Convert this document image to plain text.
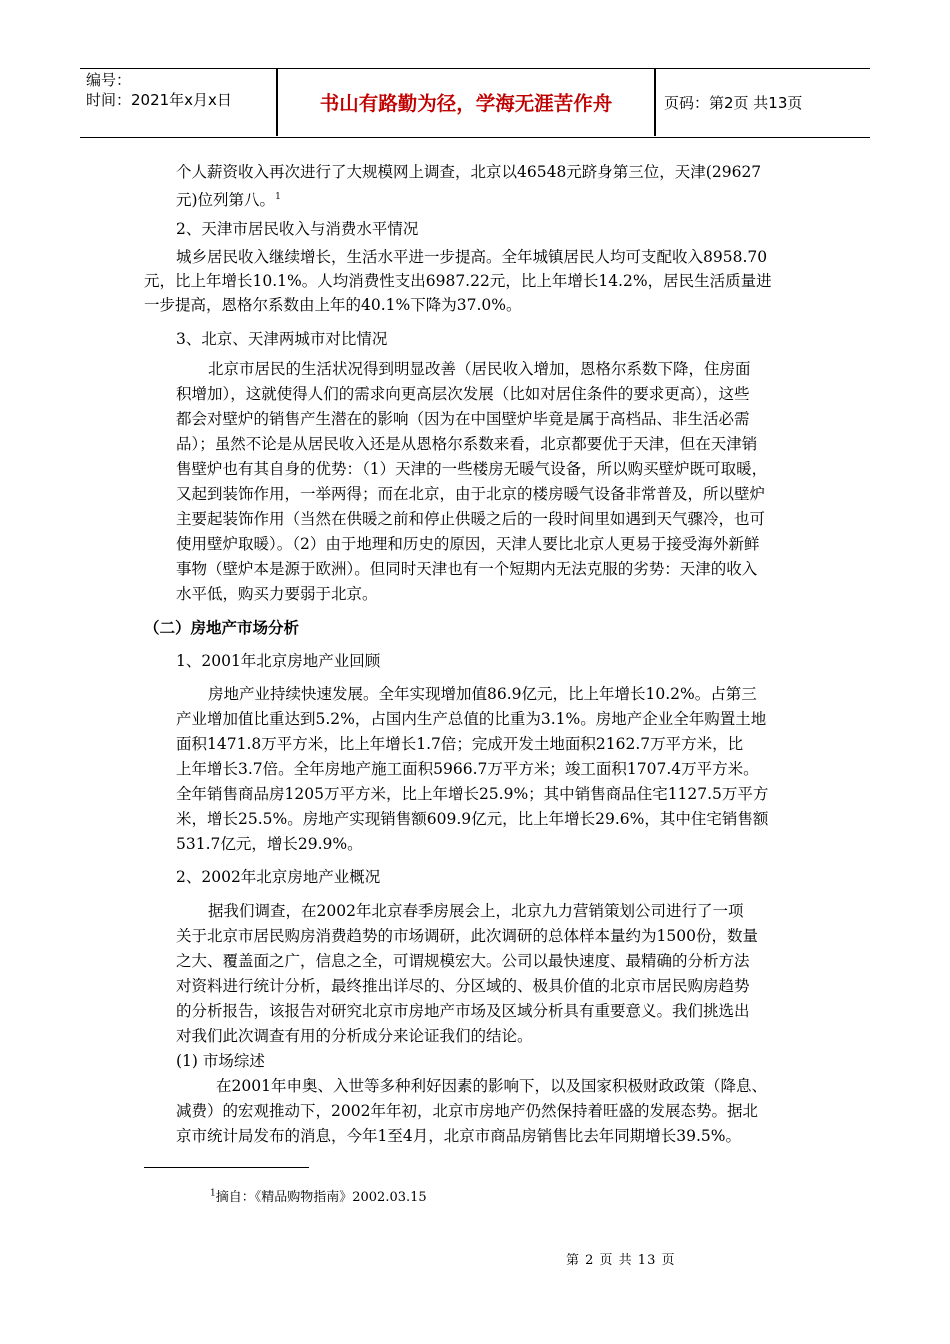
编号：
时间：2021年x月x日	书山有路勤为径，学海无涯苦作舟	页码：第2页 共13页
个人薪资收入再次进行了大规模网上调查，北京以46548元跻身第三位，天津(29627
元)位列第八。$^1$
2、天津市居民收入与消费水平情况
城乡居民收入继续增长，生活水平进一步提高。全年城镇居民人均可支配收入8958.70
元，比上年增长10.1%。人均消费性支出6987.22元，比上年增长14.2%，居民生活质量进
一步提高，恩格尔系数由上年的40.1%下降为37.0%。
3、北京、天津两城市对比情况
北京市居民的生活状况得到明显改善（居民收入增加，恩格尔系数下降，住房面
积增加），这就使得人们的需求向更高层次发展（比如对居住条件的要求更高），这些
都会对壁炉的销售产生潜在的影响（因为在中国壁炉毕竟是属于高档品、非生活必需
品）；虽然不论是从居民收入还是从恩格尔系数来看，北京都要优于天津，但在天津销
售壁炉也有其自身的优势：（1）天津的一些楼房无暖气设备，所以购买壁炉既可取暖，
又起到装饰作用，一举两得；而在北京，由于北京的楼房暖气设备非常普及，所以壁炉
主要起装饰作用（当然在供暖之前和停止供暖之后的一段时间里如遇到天气骤冷，也可
使用壁炉取暖）。（2）由于地理和历史的原因，天津人要比北京人更易于接受海外新鲜
事物（壁炉本是源于欧洲）。但同时天津也有一个短期内无法克服的劣势：天津的收入
水平低，购买力要弱于北京。
（二）房地产市场分析
1、2001年北京房地产业回顾
房地产业持续快速发展。全年实现增加值86.9亿元，比上年增长10.2%。占第三
产业增加值比重达到5.2%，占国内生产总值的比重为3.1%。房地产企业全年购置土地
面积1471.8万平方米，比上年增长1.7倍；完成开发土地面积2162.7万平方米，比
上年增长3.7倍。全年房地产施工面积5966.7万平方米；竣工面积1707.4万平方米。
全年销售商品房1205万平方米，比上年增长25.9%；其中销售商品住宅1127.5万平方
米，增长25.5%。房地产实现销售额609.9亿元，比上年增长29.6%，其中住宅销售额
531.7亿元，增长29.9%。
2、2002年北京房地产业概况
据我们调查，在2002年北京春季房展会上，北京九力营销策划公司进行了一项
关于北京市居民购房消费趋势的市场调研，此次调研的总体样本量约为1500份，数量
之大、覆盖面之广，信息之全，可谓规模宏大。公司以最快速度、最精确的分析方法
对资料进行统计分析，最终推出详尽的、分区域的、极具价值的北京市居民购房趋势
的分析报告，该报告对研究北京市房地产市场及区域分析具有重要意义。我们挑选出
对我们此次调查有用的分析成分来论证我们的结论。
(1) 市场综述
在2001年申奥、入世等多种利好因素的影响下，以及国家积极财政政策（降息、
减费）的宏观推动下，2002年年初，北京市房地产仍然保持着旺盛的发展态势。据北
京市统计局发布的消息，今年1至4月，北京市商品房销售比去年同期增长39.5%。
$^1$摘自：《精品购物指南》2002.03.15
第 2 页 共 13 页
